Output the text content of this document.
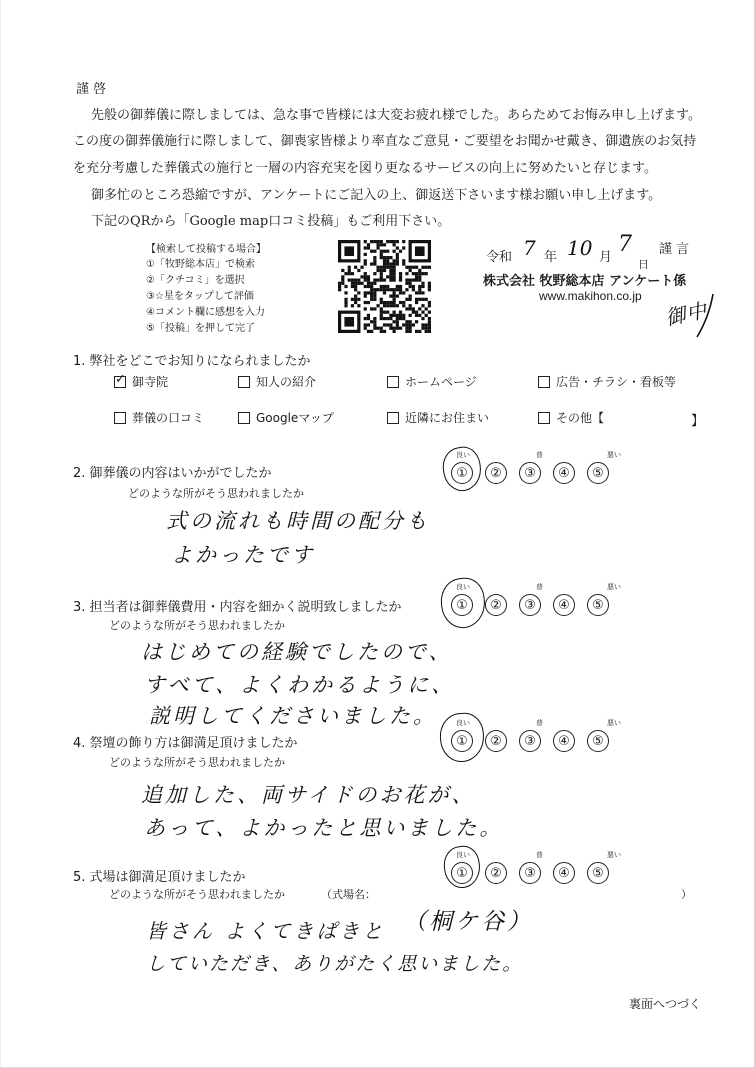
謹 啓
先般の御葬儀に際しましては、急な事で皆様には大変お疲れ様でした。あらためてお悔み申し上げます。
この度の御葬儀施行に際しまして、御喪家皆様より率直なご意見・ご要望をお聞かせ戴き、御遺族のお気持
を充分考慮した葬儀式の施行と一層の内容充実を図り更なるサービスの向上に努めたいと存じます。
御多忙のところ恐縮ですが、アンケートにご記入の上、御返送下さいます様お願い申し上げます。
下記のQRから「Google map口コミ投稿」もご利用下さい。
【検索して投稿する場合】
①「牧野総本店」で検索
②「クチコミ」を選択
③☆星をタップして評価
④コメント欄に感想を入力
⑤「投稿」を押して完了
令和 7 年 10 月
7
日
謹 言
株式会社 牧野総本店 アンケート係
www.makihon.co.jp
御中
1. 弊社をどこでお知りになられましたか
✓ 御寺院	知人の紹介	ホームページ	広告・チラシ・看板等
葬儀の口コミ	Googleマップ	近隣にお住まい	その他【	】
2. 御葬儀の内容はいかがでしたか
どのような所がそう思われましたか
良い	普	悪い
①	②	③	④	⑤
式の流れも時間の配分も
よかったです
3. 担当者は御葬儀費用・内容を細かく説明致しましたか
どのような所がそう思われましたか
良い	普	悪い
①	②	③	④	⑤
はじめての経験でしたので、
すべて、よくわかるように、
説明してくださいました。
4. 祭壇の飾り方は御満足頂けましたか
どのような所がそう思われましたか
良い	普	悪い
①	②	③	④	⑤
追加した、両サイドのお花が、
あって、よかったと思いました。
5. 式場は御満足頂けましたか
どのような所がそう思われましたか	（式場名：	）
良い	普	悪い
①	②	③	④	⑤
（桐ケ谷）
皆さん よくてきぱきと
していただき、ありがたく思いました。
裏面へつづく
